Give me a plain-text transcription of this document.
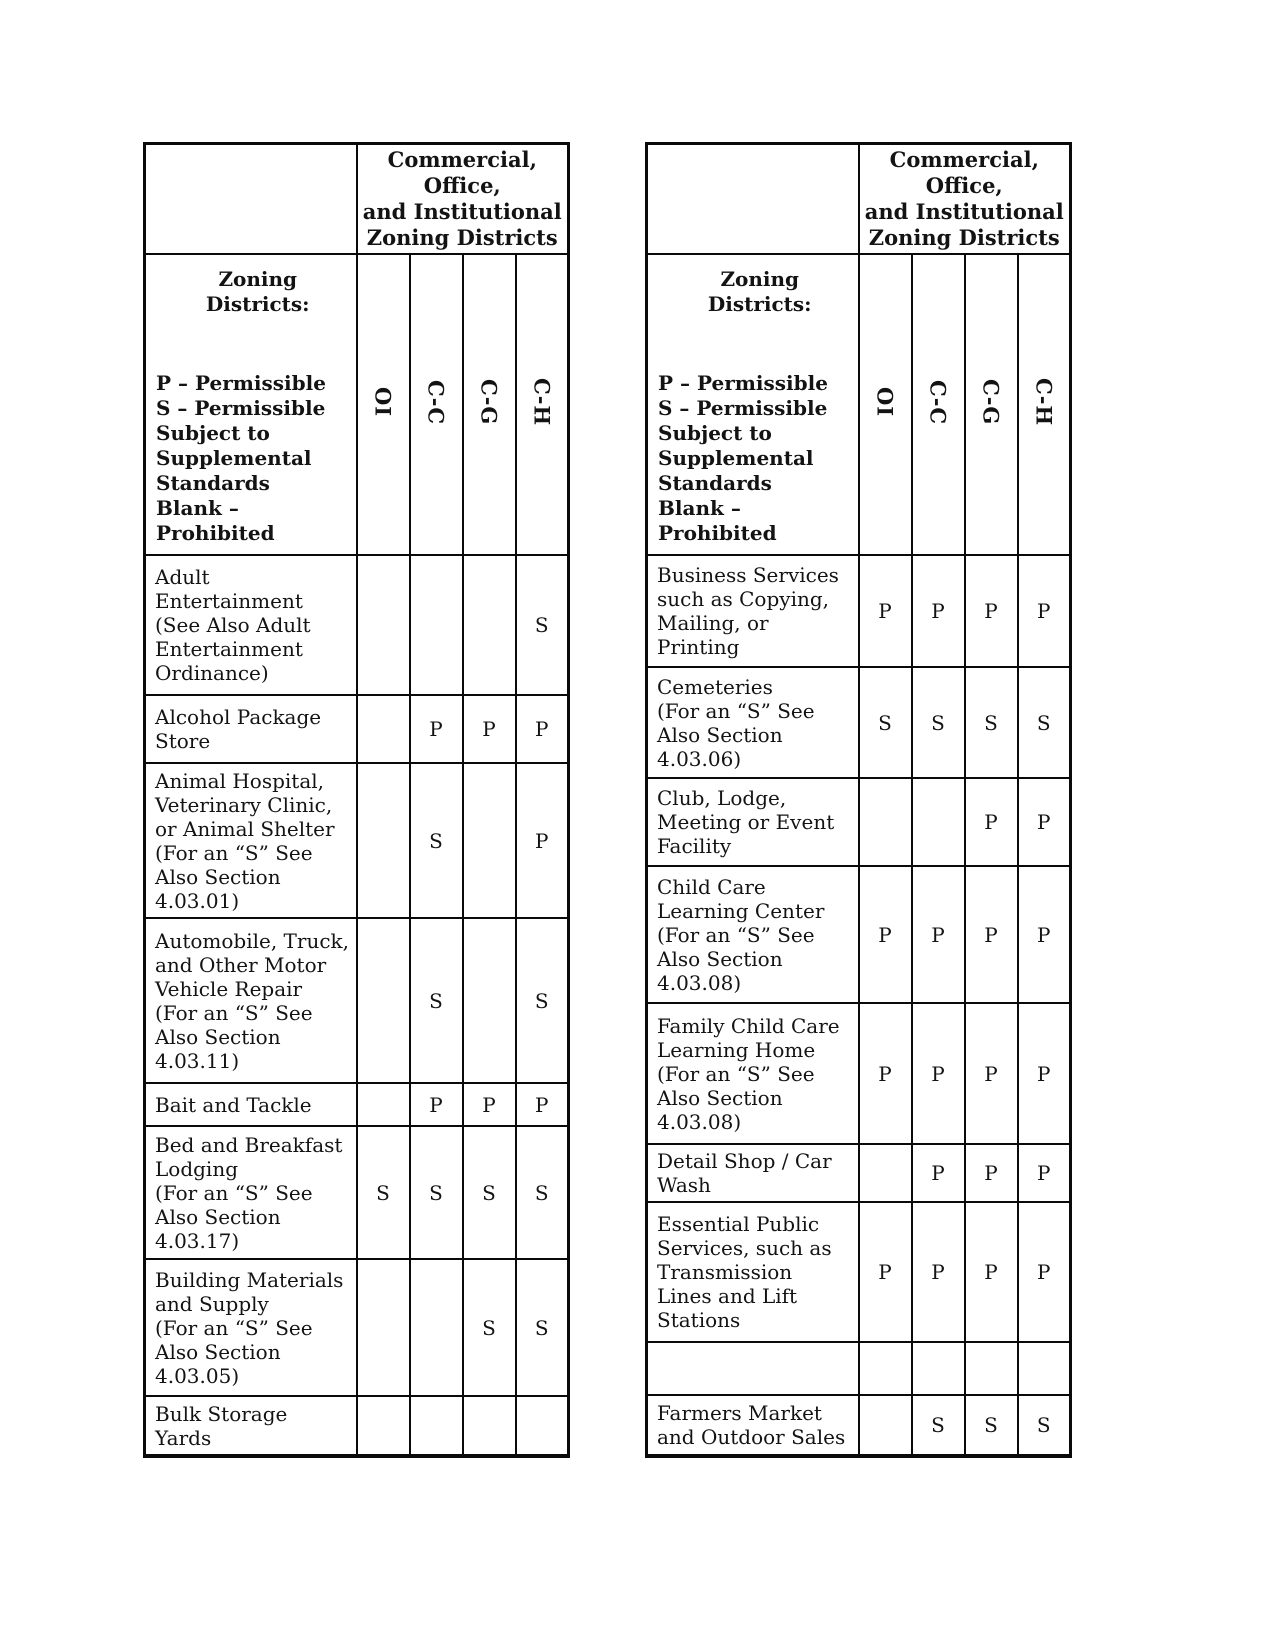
	Commercial, Office,
and Institutional
Zoning Districts			

Zoning Districts:
P – Permissible
S – Permissible
Subject to
Supplemental
Standards
Blank – Prohibited
	OI	C-C	C-G	C-H
Adult
Entertainment
(See Also Adult
Entertainment
Ordinance)				S
Alcohol Package
Store		P	P	P
Animal Hospital,
Veterinary Clinic,
or Animal Shelter
(For an “S” See
Also Section
4.03.01)		S		P
Automobile, Truck,
and Other Motor
Vehicle Repair
(For an “S” See
Also Section
4.03.11)		S		S
Bait and Tackle		P	P	P
Bed and Breakfast
Lodging
(For an “S” See
Also Section
4.03.17)	S	S	S	S
Building Materials
and Supply
(For an “S” See
Also Section
4.03.05)			S	S
Bulk Storage
Yards				

	Commercial, Office,
and Institutional
Zoning Districts			

Zoning Districts:
P – Permissible
S – Permissible
Subject to
Supplemental
Standards
Blank – Prohibited
	OI	C-C	C-G	C-H
Business Services
such as Copying,
Mailing, or
Printing	P	P	P	P
Cemeteries
(For an “S” See
Also Section
4.03.06)	S	S	S	S
Club, Lodge,
Meeting or Event
Facility			P	P
Child Care
Learning Center
(For an “S” See
Also Section
4.03.08)	P	P	P	P
Family Child Care
Learning Home
(For an “S” See
Also Section
4.03.08)	P	P	P	P
Detail Shop / Car
Wash		P	P	P
Essential Public
Services, such as
Transmission
Lines and Lift
Stations	P	P	P	P

Farmers Market
and Outdoor Sales		S	S	S
